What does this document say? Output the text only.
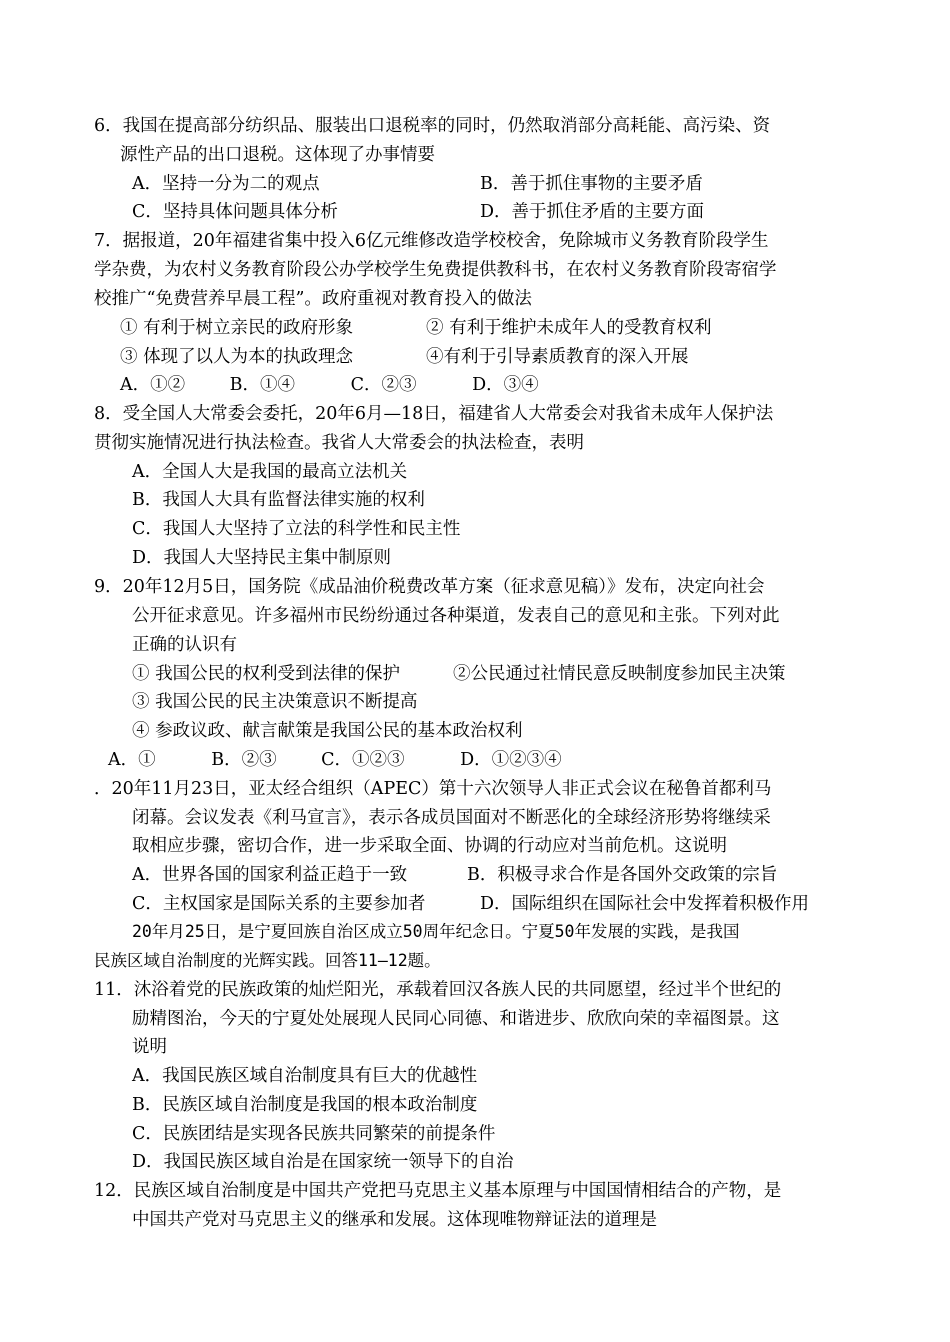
6．我国在提高部分纺织品、服装出口退税率的同时，仍然取消部分高耗能、高污染、资
源性产品的出口退税。这体现了办事情要
A．坚持一分为二的观点	B．善于抓住事物的主要矛盾
C．坚持具体问题具体分析	D．善于抓住矛盾的主要方面
7．据报道，20年福建省集中投入6亿元维修改造学校校舍，免除城市义务教育阶段学生
学杂费，为农村义务教育阶段公办学校学生免费提供教科书，在农村义务教育阶段寄宿学
校推广“免费营养早晨工程”。政府重视对教育投入的做法
① 有利于树立亲民的政府形象	② 有利于维护未成年人的受教育权利
③ 体现了以人为本的执政理念	④有利于引导素质教育的深入开展
A．①②        B．①④          C．②③          D．③④
8．受全国人大常委会委托，20年6月—18日，福建省人大常委会对我省未成年人保护法
贯彻实施情况进行执法检查。我省人大常委会的执法检查，表明
A．全国人大是我国的最高立法机关
B．我国人大具有监督法律实施的权利
C．我国人大坚持了立法的科学性和民主性
D．我国人大坚持民主集中制原则
9．20年12月5日，国务院《成品油价税费改革方案（征求意见稿）》发布，决定向社会
公开征求意见。许多福州市民纷纷通过各种渠道，发表自己的意见和主张。下列对此
正确的认识有
① 我国公民的权利受到法律的保护	②公民通过社情民意反映制度参加民主决策
③ 我国公民的民主决策意识不断提高
④ 参政议政、献言献策是我国公民的基本政治权利
A．①          B．②③        C．①②③          D．①②③④
．20年11月23日，亚太经合组织（APEC）第十六次领导人非正式会议在秘鲁首都利马
闭幕。会议发表《利马宣言》，表示各成员国面对不断恶化的全球经济形势将继续采
取相应步骤，密切合作，进一步采取全面、协调的行动应对当前危机。这说明
A．世界各国的国家利益正趋于一致	B．积极寻求合作是各国外交政策的宗旨
C．主权国家是国际关系的主要参加者	D．国际组织在国际社会中发挥着积极作用
20年月25日，是宁夏回族自治区成立50周年纪念日。宁夏50年发展的实践，是我国
民族区域自治制度的光辉实践。回答11—12题。
11．沐浴着党的民族政策的灿烂阳光，承载着回汉各族人民的共同愿望，经过半个世纪的
励精图治，今天的宁夏处处展现人民同心同德、和谐进步、欣欣向荣的幸福图景。这
说明
A．我国民族区域自治制度具有巨大的优越性
B．民族区域自治制度是我国的根本政治制度
C．民族团结是实现各民族共同繁荣的前提条件
D．我国民族区域自治是在国家统一领导下的自治
12．民族区域自治制度是中国共产党把马克思主义基本原理与中国国情相结合的产物，是
中国共产党对马克思主义的继承和发展。这体现唯物辩证法的道理是
